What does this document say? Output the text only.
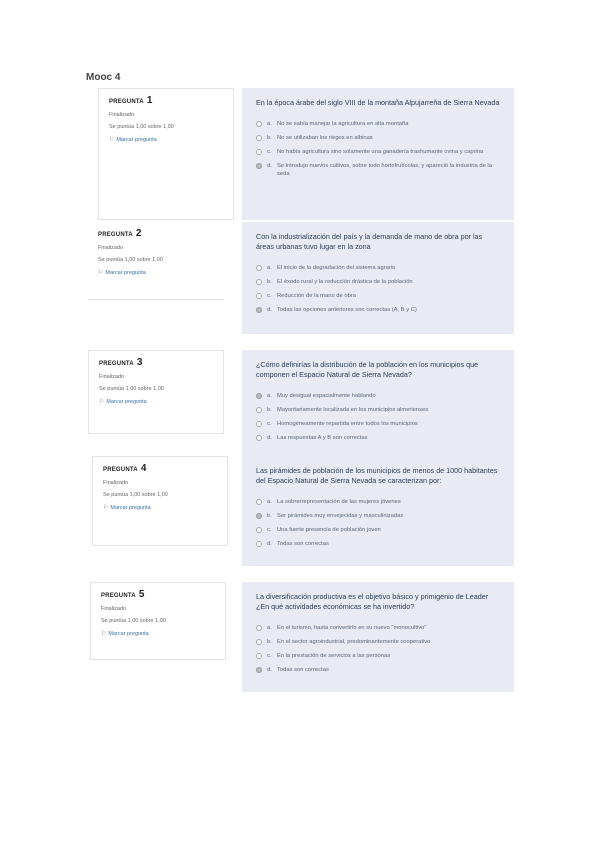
Mooc 4
PREGUNTA 1
Finalizado
Se puntúa 1,00 sobre 1,00
⚐ Marcar pregunta
En la época árabe del siglo VIII de la montaña Alpujarreña de Sierra Nevada
a. No se sabía manejar la agricultura en alta montaña
b. No se utilizaban los riegos en albinas
c. No había agricultura sino solamente una ganadería trashumante ovina y caprina
d. Se introdujo nuevos cultivos, sobre todo hortofrutícolas, y apareció la industria de la seda
PREGUNTA 2
Finalizado
Se puntúa 1,00 sobre 1,00
⚐ Marcar pregunta
Con la industrialización del país y la demanda de mano de obra por las áreas urbanas tuvo lugar en la zona
a. El inicio de la degradación del sistema agrario
b. El éxodo rural y la reducción drástica de la población
c. Reducción de la mano de obra
d. Todas las opciones anteriores son correctas (A, B y C)
PREGUNTA 3
Finalizado
Se puntúa 1,00 sobre 1,00
⚐ Marcar pregunta
¿Cómo definirías la distribución de la población en los municipios que componen el Espacio Natural de Sierra Nevada?
a. Muy desigual espacialmente hablando
b. Mayoritariamente localizada en los municipios almerienses
c. Homogéneamente repartida entre todos los municipios
d. Las respuestas A y B son correctas
PREGUNTA 4
Finalizado
Se puntúa 1,00 sobre 1,00
⚐ Marcar pregunta
Las pirámides de población de los municipios de menos de 1000 habitantes del Espacio Natural de Sierra Nevada se caracterizan por:
a. La sobrerrepresentación de las mujeres jóvenes
b. Ser pirámides muy envejecidas y masculinizadas
c. Una fuerte presencia de población joven
d. Todas son correctas
PREGUNTA 5
Finalizado
Se puntúa 1,00 sobre 1,00
⚐ Marcar pregunta
La diversificación productiva es el objetivo básico y primigenio de Leader ¿En qué actividades económicas se ha invertido?
a. En el turismo, hasta convertirlo en su nuevo "monocultivo"
b. En el sector agroindustrial, predominantemente cooperativo
c. En la prestación de servicios a las personas
d. Todas son correctas
